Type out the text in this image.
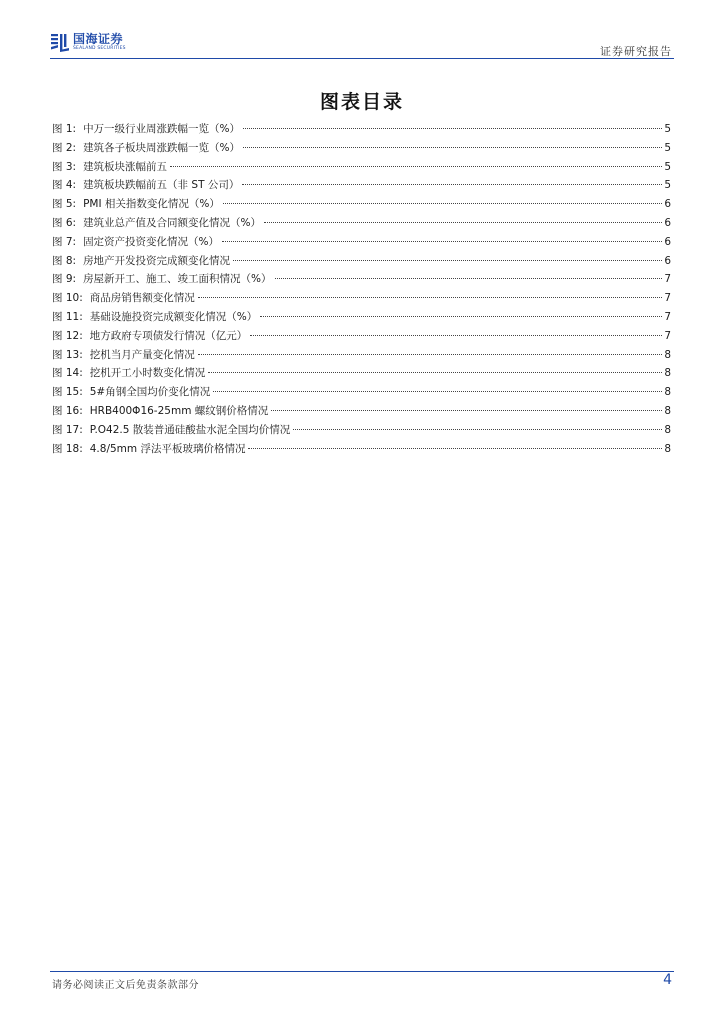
国海证券
SEALAND SECURITIES	证券研究报告
图表目录
图 1: 中万一级行业周涨跌幅一览（%）	5
图 2: 建筑各子板块周涨跌幅一览（%）	5
图 3: 建筑板块涨幅前五	5
图 4: 建筑板块跌幅前五（非 ST 公司）	5
图 5: PMI 相关指数变化情况（%）	6
图 6: 建筑业总产值及合同额变化情况（%）	6
图 7: 固定资产投资变化情况（%）	6
图 8: 房地产开发投资完成额变化情况	6
图 9: 房屋新开工、施工、竣工面积情况（%）	7
图 10: 商品房销售额变化情况	7
图 11: 基础设施投资完成额变化情况（%）	7
图 12: 地方政府专项债发行情况（亿元）	7
图 13: 挖机当月产量变化情况	8
图 14: 挖机开工小时数变化情况	8
图 15: 5#角钢全国均价变化情况	8
图 16: HRB400Φ16-25mm 螺纹钢价格情况	8
图 17: P.O42.5 散装普通硅酸盐水泥全国均价情况	8
图 18: 4.8/5mm 浮法平板玻璃价格情况	8
请务必阅读正文后免责条款部分	4
